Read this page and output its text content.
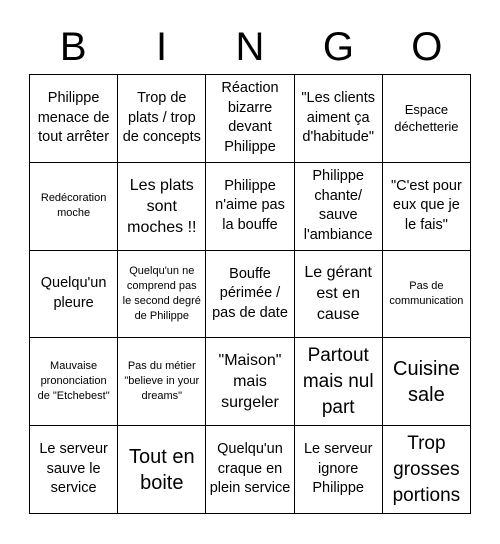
B	I	N	G	O
Philippe menace de tout arrêter
Trop de plats / trop de concepts
Réaction bizarre devant Philippe
"Les clients aiment ça d'habitude"
Espace déchetterie
Redécoration moche
Les plats sont moches !!
Philippe n'aime pas la bouffe
Philippe chante/ sauve l'ambiance
"C'est pour eux que je le fais"
Quelqu'un pleure
Quelqu'un ne comprend pas le second degré de Philippe
Bouffe périmée / pas de date
Le gérant est en cause
Pas de communication
Mauvaise prononciation de "Etchebest"
Pas du métier "believe in your dreams"
"Maison" mais surgeler
Partout mais nul part
Cuisine sale
Le serveur sauve le service
Tout en boite
Quelqu'un craque en plein service
Le serveur ignore Philippe
Trop grosses portions
